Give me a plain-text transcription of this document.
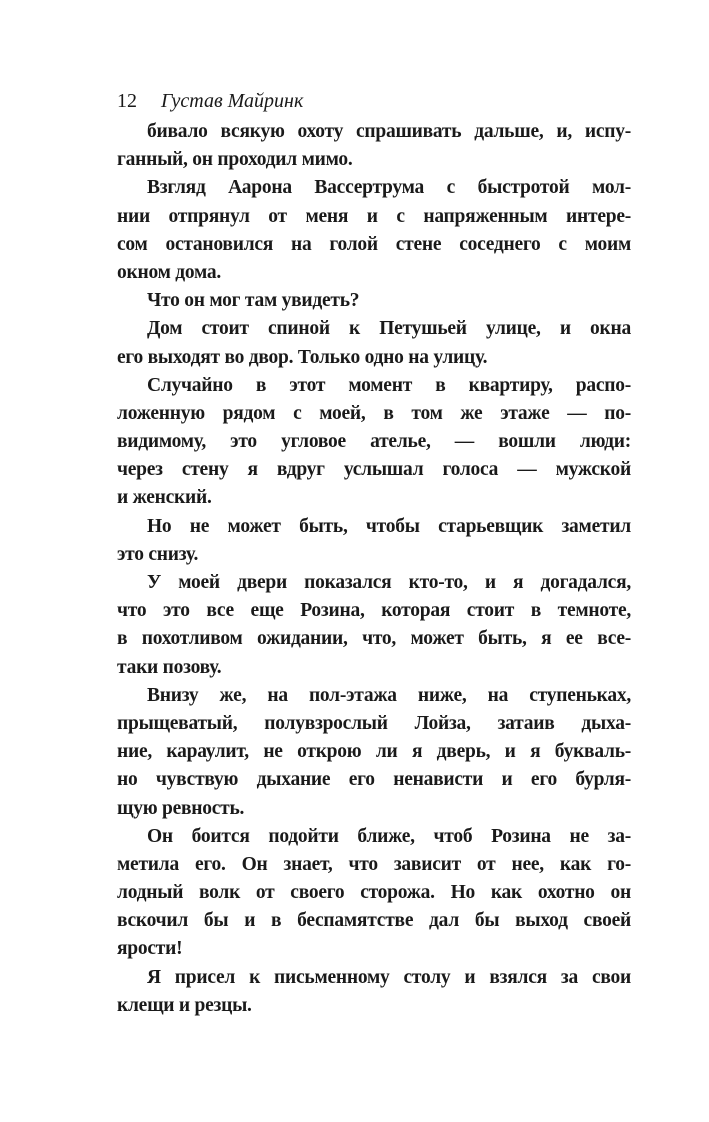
12 Густав Майринк
бивало всякую охоту спрашивать дальше, и, испу-
ганный, он проходил мимо.
Взгляд Аарона Вассертрума с быстротой мол-
нии отпрянул от меня и с напряженным интере-
сом остановился на голой стене соседнего с моим
окном дома.
Что он мог там увидеть?
Дом стоит спиной к Петушьей улице, и окна
его выходят во двор. Только одно на улицу.
Случайно в этот момент в квартиру, распо-
ложенную рядом с моей, в том же этаже — по-
видимому, это угловое ателье, — вошли люди:
через стену я вдруг услышал голоса — мужской
и женский.
Но не может быть, чтобы старьевщик заметил
это снизу.
У моей двери показался кто-то, и я догадался,
что это все еще Розина, которая стоит в темноте,
в похотливом ожидании, что, может быть, я ее все-
таки позову.
Внизу же, на пол-этажа ниже, на ступеньках,
прыщеватый, полувзрослый Лойза, затаив дыха-
ние, караулит, не открою ли я дверь, и я букваль-
но чувствую дыхание его ненависти и его бурля-
щую ревность.
Он боится подойти ближе, чтоб Розина не за-
метила его. Он знает, что зависит от нее, как го-
лодный волк от своего сторожа. Но как охотно он
вскочил бы и в беспамятстве дал бы выход своей
ярости!
Я присел к письменному столу и взялся за свои
клещи и резцы.
